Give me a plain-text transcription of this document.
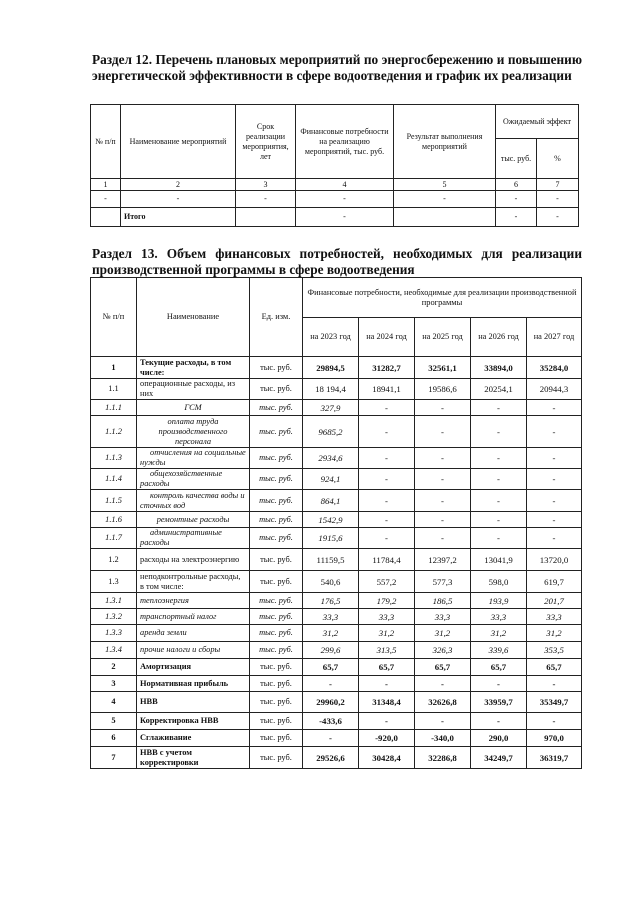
Раздел 12. Перечень плановых мероприятий по энергосбережению и повышению энергетической эффективности в сфере водоотведения и график их реализации
№ п/п	Наименование мероприятий	Срок реализации мероприятия, лет	Финансовые потребности на реализацию мероприятий, тыс. руб.	Результат выполнения мероприятий	Ожидаемый эффект	
					тыс. руб.	%
1	2	3	4	5	6	7
-	-	-	-	-	-	-
	Итого		-		-	-
Раздел 13. Объем финансовых потребностей, необходимых для реализации производственной программы в сфере водоотведения
№ п/п	Наименование	Ед. изм.	Финансовые потребности, необходимые для реализации производственной программы				
			на 2023 год	на 2024 год	на 2025 год	на 2026 год	на 2027 год
1	Текущие расходы, в том числе:	тыс. руб.	29894,5	31282,7	32561,1	33894,0	35284,0
1.1	операционные расходы, из них	тыс. руб.	18 194,4	18941,1	19586,6	20254,1	20944,3
1.1.1	ГСМ	тыс. руб.	327,9	-	-	-	-
1.1.2	оплата труда производственного персонала	тыс. руб.	9685,2	-	-	-	-
1.1.3	отчисления на социальные нужды	тыс. руб.	2934,6	-	-	-	-
1.1.4	общехозяйственные расходы	тыс. руб.	924,1	-	-	-	-
1.1.5	контроль качества воды и сточных вод	тыс. руб.	864,1	-	-	-	-
1.1.6	ремонтные расходы	тыс. руб.	1542,9	-	-	-	-
1.1.7	административные расходы	тыс. руб.	1915,6	-	-	-	-
1.2	расходы на электроэнергию	тыс. руб.	11159,5	11784,4	12397,2	13041,9	13720,0
1.3	неподконтрольные расходы, в том числе:	тыс. руб.	540,6	557,2	577,3	598,0	619,7
1.3.1	теплоэнергия	тыс. руб.	176,5	179,2	186,5	193,9	201,7
1.3.2	транспортный налог	тыс. руб.	33,3	33,3	33,3	33,3	33,3
1.3.3	аренда земли	тыс. руб.	31,2	31,2	31,2	31,2	31,2
1.3.4	прочие налоги и сборы	тыс. руб.	299,6	313,5	326,3	339,6	353,5
2	Амортизация	тыс. руб.	65,7	65,7	65,7	65,7	65,7
3	Нормативная прибыль	тыс. руб.	-	-	-	-	-
4	НВВ	тыс. руб.	29960,2	31348,4	32626,8	33959,7	35349,7
5	Корректировка НВВ	тыс. руб.	-433,6	-	-	-	-
6	Сглаживание	тыс. руб.	-	-920,0	-340,0	290,0	970,0
7	НВВ с учетом корректировки	тыс. руб.	29526,6	30428,4	32286,8	34249,7	36319,7
